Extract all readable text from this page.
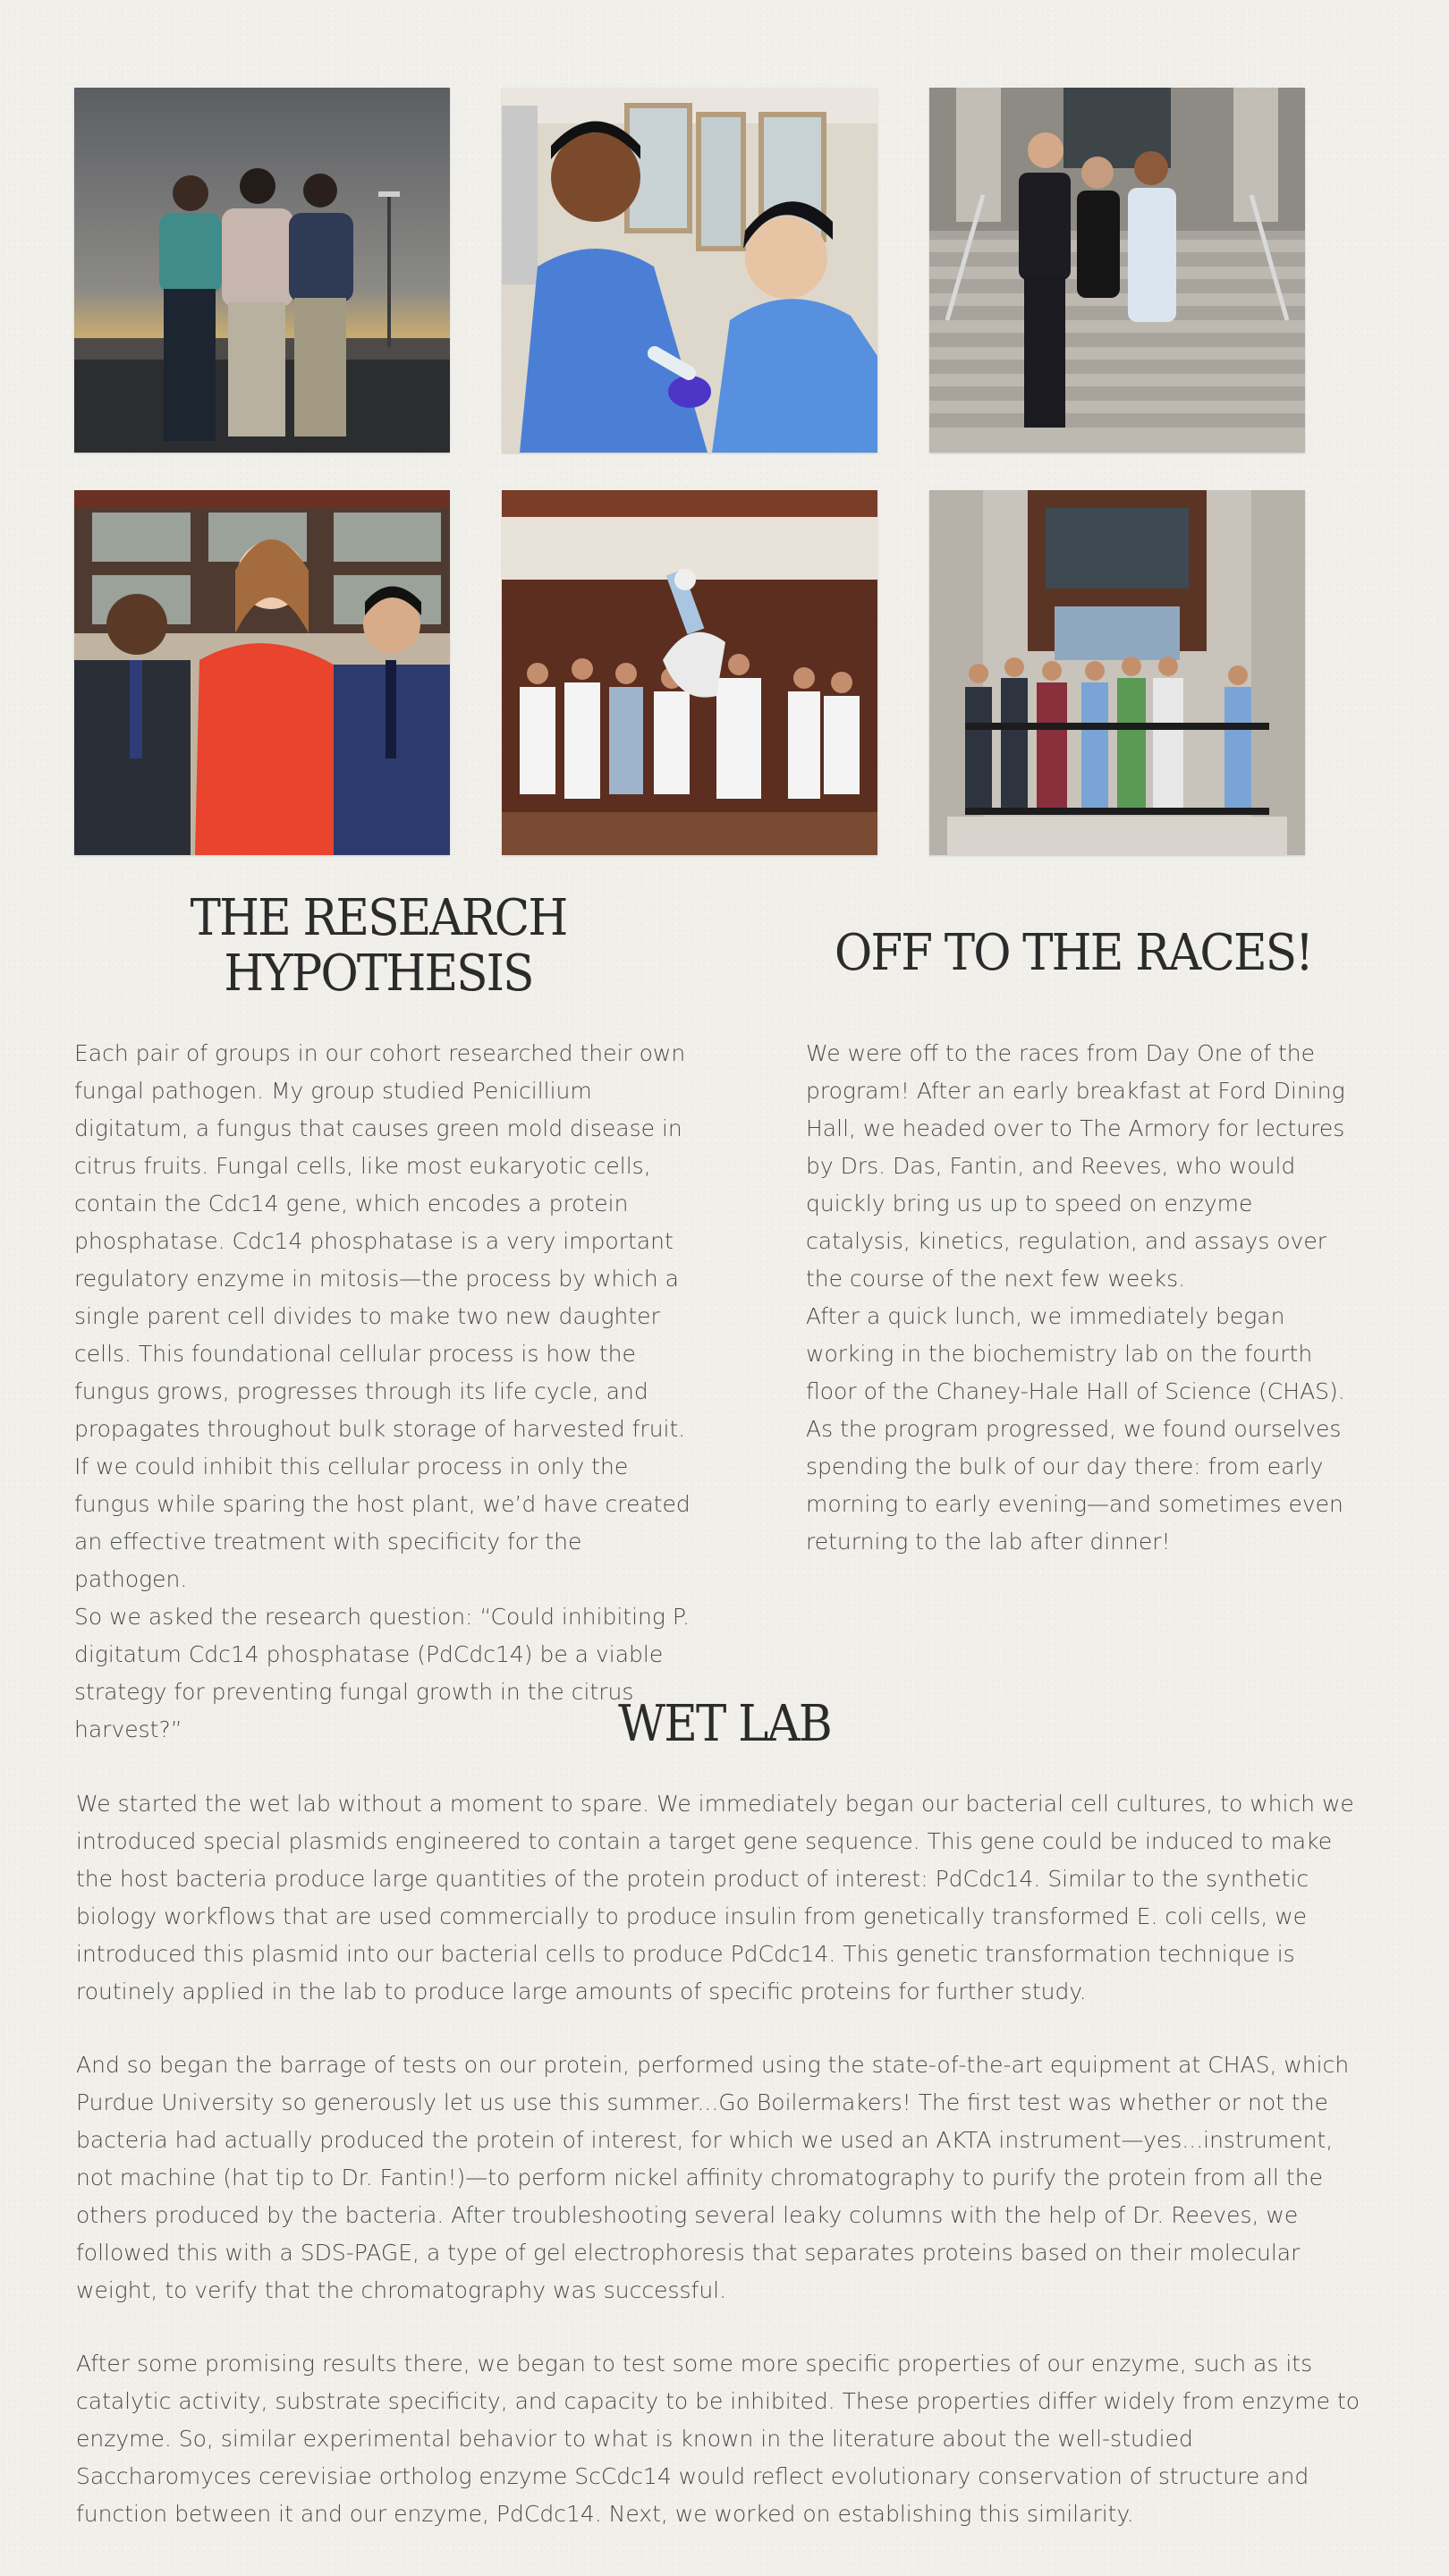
THE RESEARCH HYPOTHESIS

Each pair of groups in our cohort researched their own fungal pathogen. My group studied Penicillium digitatum, a fungus that causes green mold disease in citrus fruits. Fungal cells, like most eukaryotic cells, contain the Cdc14 gene, which encodes a protein phosphatase. Cdc14 phosphatase is a very important regulatory enzyme in mitosis—the process by which a single parent cell divides to make two new daughter cells. This foundational cellular process is how the fungus grows, progresses through its life cycle, and propagates throughout bulk storage of harvested fruit.

If we could inhibit this cellular process in only the fungus while sparing the host plant, we’d have created an effective treatment with specificity for the pathogen.

So we asked the research question: “Could inhibiting P. digitatum Cdc14 phosphatase (PdCdc14) be a viable strategy for preventing fungal growth in the citrus harvest?”

OFF TO THE RACES!

We were off to the races from Day One of the program! After an early breakfast at Ford Dining Hall, we headed over to The Armory for lectures by Drs. Das, Fantin, and Reeves, who would quickly bring us up to speed on enzyme catalysis, kinetics, regulation, and assays over the course of the next few weeks.

After a quick lunch, we immediately began working in the biochemistry lab on the fourth floor of the Chaney-Hale Hall of Science (CHAS). As the program progressed, we found ourselves spending the bulk of our day there: from early morning to early evening—and sometimes even returning to the lab after dinner!

WET LAB

We started the wet lab without a moment to spare. We immediately began our bacterial cell cultures, to which we introduced special plasmids engineered to contain a target gene sequence. This gene could be induced to make the host bacteria produce large quantities of the protein product of interest: PdCdc14. Similar to the synthetic biology workflows that are used commercially to produce insulin from genetically transformed E. coli cells, we introduced this plasmid into our bacterial cells to produce PdCdc14. This genetic transformation technique is routinely applied in the lab to produce large amounts of specific proteins for further study.

And so began the barrage of tests on our protein, performed using the state-of-the-art equipment at CHAS, which Purdue University so generously let us use this summer...Go Boilermakers! The first test was whether or not the bacteria had actually produced the protein of interest, for which we used an AKTA instrument—yes...instrument, not machine (hat tip to Dr. Fantin!)—to perform nickel affinity chromatography to purify the protein from all the others produced by the bacteria. After troubleshooting several leaky columns with the help of Dr. Reeves, we followed this with a SDS-PAGE, a type of gel electrophoresis that separates proteins based on their molecular weight, to verify that the chromatography was successful.

After some promising results there, we began to test some more specific properties of our enzyme, such as its catalytic activity, substrate specificity, and capacity to be inhibited. These properties differ widely from enzyme to enzyme. So, similar experimental behavior to what is known in the literature about the well-studied Saccharomyces cerevisiae ortholog enzyme ScCdc14 would reflect evolutionary conservation of structure and function between it and our enzyme, PdCdc14. Next, we worked on establishing this similarity.
